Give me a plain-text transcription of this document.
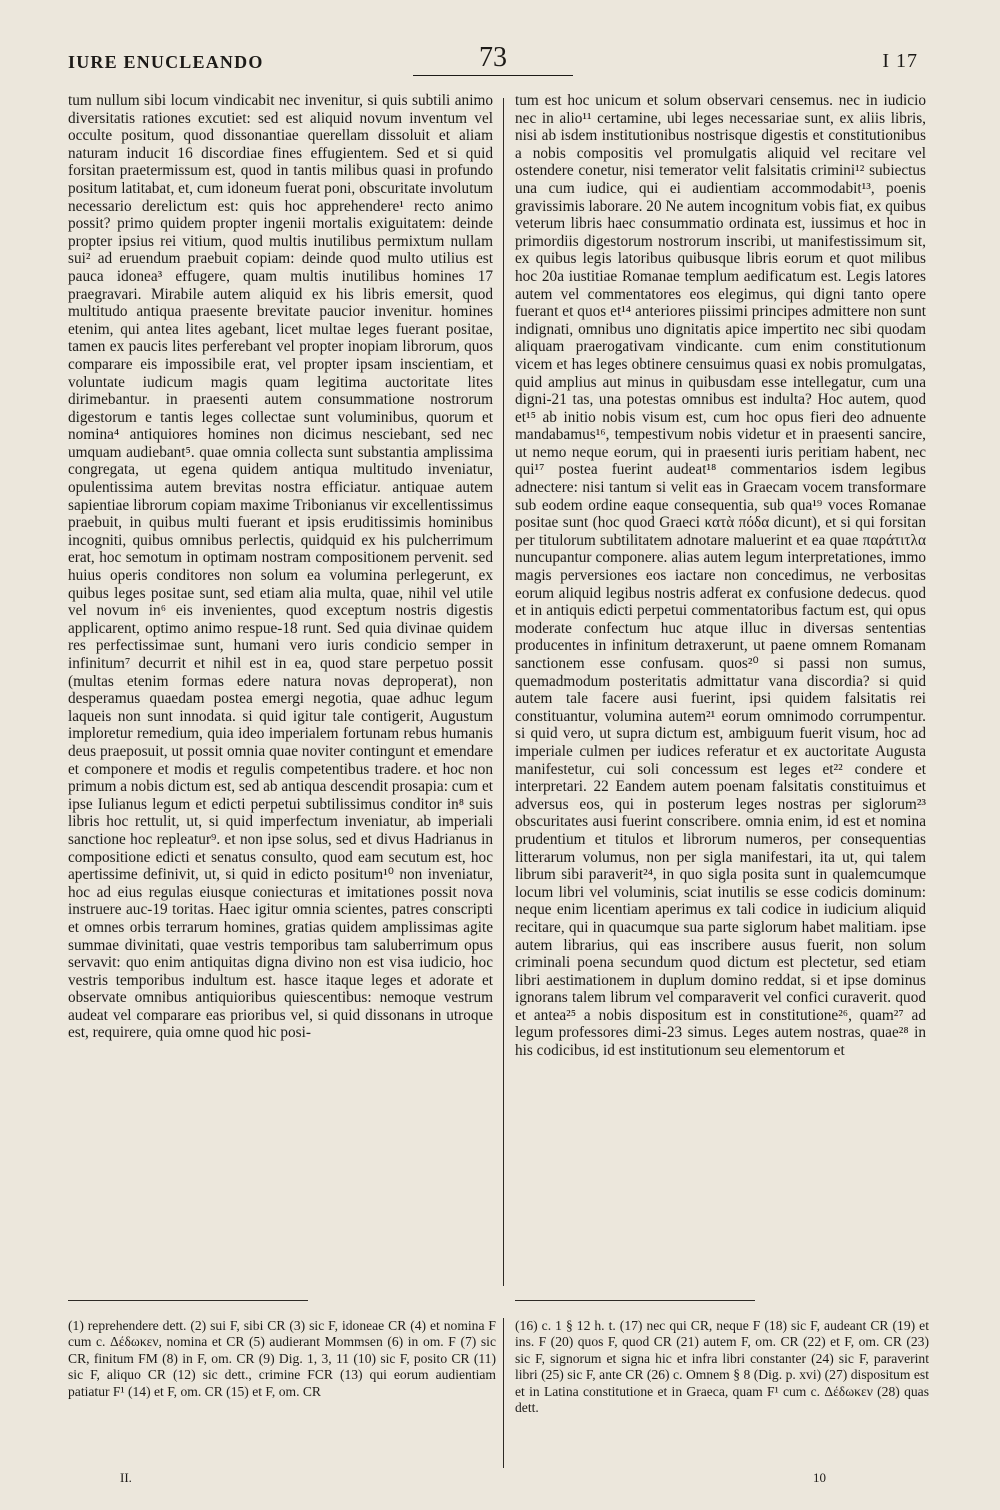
IURE ENUCLEANDO	73	I 17

tum nullum sibi locum vindicabit nec invenitur, si quis subtili animo diversitatis rationes excutiet: sed est aliquid novum inventum vel occulte positum, quod dissonantiae querellam dissoluit et aliam naturam inducit 16 discordiae fines effugientem. Sed et si quid forsitan praetermissum est, quod in tantis milibus quasi in profundo positum latitabat, et, cum idoneum fuerat poni, obscuritate involutum necessario derelictum est: quis hoc apprehendere¹ recto animo possit? primo quidem propter ingenii mortalis exiguitatem: deinde propter ipsius rei vitium, quod multis inutilibus permixtum nullam sui² ad eruendum praebuit copiam: deinde quod multo utilius est pauca idonea³ effugere, quam multis inutilibus homines 17 praegravari. Mirabile autem aliquid ex his libris emersit, quod multitudo antiqua praesente brevitate paucior invenitur. homines etenim, qui antea lites agebant, licet multae leges fuerant positae, tamen ex paucis lites perferebant vel propter inopiam librorum, quos comparare eis impossibile erat, vel propter ipsam inscientiam, et voluntate iudicum magis quam legitima auctoritate lites dirimebantur. in praesenti autem consummatione nostrorum digestorum e tantis leges collectae sunt voluminibus, quorum et nomina⁴ antiquiores homines non dicimus nesciebant, sed nec umquam audiebant⁵. quae omnia collecta sunt substantia amplissima congregata, ut egena quidem antiqua multitudo inveniatur, opulentissima autem brevitas nostra efficiatur. antiquae autem sapientiae librorum copiam maxime Tribonianus vir excellentissimus praebuit, in quibus multi fuerant et ipsis eruditissimis hominibus incogniti, quibus omnibus perlectis, quidquid ex his pulcherrimum erat, hoc semotum in optimam nostram compositionem pervenit. sed huius operis conditores non solum ea volumina perlegerunt, ex quibus leges positae sunt, sed etiam alia multa, quae, nihil vel utile vel novum in⁶ eis invenientes, quod exceptum nostris digestis applicarent, optimo animo respue-18 runt. Sed quia divinae quidem res perfectissimae sunt, humani vero iuris condicio semper in infinitum⁷ decurrit et nihil est in ea, quod stare perpetuo possit (multas etenim formas edere natura novas deproperat), non desperamus quaedam postea emergi negotia, quae adhuc legum laqueis non sunt innodata. si quid igitur tale contigerit, Augustum imploretur remedium, quia ideo imperialem fortunam rebus humanis deus praeposuit, ut possit omnia quae noviter contingunt et emendare et componere et modis et regulis competentibus tradere. et hoc non primum a nobis dictum est, sed ab antiqua descendit prosapia: cum et ipse Iulianus legum et edicti perpetui subtilissimus conditor in⁸ suis libris hoc rettulit, ut, si quid imperfectum inveniatur, ab imperiali sanctione hoc repleatur⁹. et non ipse solus, sed et divus Hadrianus in compositione edicti et senatus consulto, quod eam secutum est, hoc apertissime definivit, ut, si quid in edicto positum¹⁰ non inveniatur, hoc ad eius regulas eiusque coniecturas et imitationes possit nova instruere auc-19 toritas. Haec igitur omnia scientes, patres conscripti et omnes orbis terrarum homines, gratias quidem amplissimas agite summae divinitati, quae vestris temporibus tam saluberrimum opus servavit: quo enim antiquitas digna divino non est visa iudicio, hoc vestris temporibus indultum est. hasce itaque leges et adorate et observate omnibus antiquioribus quiescentibus: nemoque vestrum audeat vel comparare eas prioribus vel, si quid dissonans in utroque est, requirere, quia omne quod hic posi-

tum est hoc unicum et solum observari censemus. nec in iudicio nec in alio¹¹ certamine, ubi leges necessariae sunt, ex aliis libris, nisi ab isdem institutionibus nostrisque digestis et constitutionibus a nobis compositis vel promulgatis aliquid vel recitare vel ostendere conetur, nisi temerator velit falsitatis crimini¹² subiectus una cum iudice, qui ei audientiam accommodabit¹³, poenis gravissimis laborare. 20 Ne autem incognitum vobis fiat, ex quibus veterum libris haec consummatio ordinata est, iussimus et hoc in primordiis digestorum nostrorum inscribi, ut manifestissimum sit, ex quibus legis latoribus quibusque libris eorum et quot milibus hoc 20a iustitiae Romanae templum aedificatum est. Legis latores autem vel commentatores eos elegimus, qui digni tanto opere fuerant et quos et¹⁴ anteriores piissimi principes admittere non sunt indignati, omnibus uno dignitatis apice impertito nec sibi quodam aliquam praerogativam vindicante. cum enim constitutionum vicem et has leges obtinere censuimus quasi ex nobis promulgatas, quid amplius aut minus in quibusdam esse intellegatur, cum una digni-21 tas, una potestas omnibus est indulta? Hoc autem, quod et¹⁵ ab initio nobis visum est, cum hoc opus fieri deo adnuente mandabamus¹⁶, tempestivum nobis videtur et in praesenti sancire, ut nemo neque eorum, qui in praesenti iuris peritiam habent, nec qui¹⁷ postea fuerint audeat¹⁸ commentarios isdem legibus adnectere: nisi tantum si velit eas in Graecam vocem transformare sub eodem ordine eaque consequentia, sub qua¹⁹ voces Romanae positae sunt (hoc quod Graeci κατὰ πόδα dicunt), et si qui forsitan per titulorum subtilitatem adnotare maluerint et ea quae παράτιτλα nuncupantur componere. alias autem legum interpretationes, immo magis perversiones eos iactare non concedimus, ne verbositas eorum aliquid legibus nostris adferat ex confusione dedecus. quod et in antiquis edicti perpetui commentatoribus factum est, qui opus moderate confectum huc atque illuc in diversas sententias producentes in infinitum detraxerunt, ut paene omnem Romanam sanctionem esse confusam. quos²⁰ si passi non sumus, quemadmodum posteritatis admittatur vana discordia? si quid autem tale facere ausi fuerint, ipsi quidem falsitatis rei constituantur, volumina autem²¹ eorum omnimodo corrumpentur. si quid vero, ut supra dictum est, ambiguum fuerit visum, hoc ad imperiale culmen per iudices referatur et ex auctoritate Augusta manifestetur, cui soli concessum est leges et²² condere et interpretari. 22 Eandem autem poenam falsitatis constituimus et adversus eos, qui in posterum leges nostras per siglorum²³ obscuritates ausi fuerint conscribere. omnia enim, id est et nomina prudentium et titulos et librorum numeros, per consequentias litterarum volumus, non per sigla manifestari, ita ut, qui talem librum sibi paraverit²⁴, in quo sigla posita sunt in qualemcumque locum libri vel voluminis, sciat inutilis se esse codicis dominum: neque enim licentiam aperimus ex tali codice in iudicium aliquid recitare, qui in quacumque sua parte siglorum habet malitiam. ipse autem librarius, qui eas inscribere ausus fuerit, non solum criminali poena secundum quod dictum est plectetur, sed etiam libri aestimationem in duplum domino reddat, si et ipse dominus ignorans talem librum vel comparaverit vel confici curaverit. quod et antea²⁵ a nobis dispositum est in constitutione²⁶, quam²⁷ ad legum professores dimi-23 simus. Leges autem nostras, quae²⁸ in his codicibus, id est institutionum seu elementorum et

(1) reprehendere dett. (2) sui F, sibi CR (3) sic F, idoneae CR (4) et nomina F cum c. Δέδωκεν, nomina et CR (5) audierant Mommsen (6) in om. F (7) sic CR, finitum FM (8) in F, om. CR (9) Dig. 1, 3, 11 (10) sic F, posito CR (11) sic F, aliquo CR (12) sic dett., crimine FCR (13) qui eorum audientiam patiatur F¹ (14) et F, om. CR (15) et F, om. CR

(16) c. 1 § 12 h. t. (17) nec qui CR, neque F (18) sic F, audeant CR (19) et ins. F (20) quos F, quod CR (21) autem F, om. CR (22) et F, om. CR (23) sic F, signorum et signa hic et infra libri constanter (24) sic F, paraverint libri (25) sic F, ante CR (26) c. Omnem § 8 (Dig. p. xvi) (27) dispositum est et in Latina constitutione et in Graeca, quam F¹ cum c. Δέδωκεν (28) quas dett.

II.	10
